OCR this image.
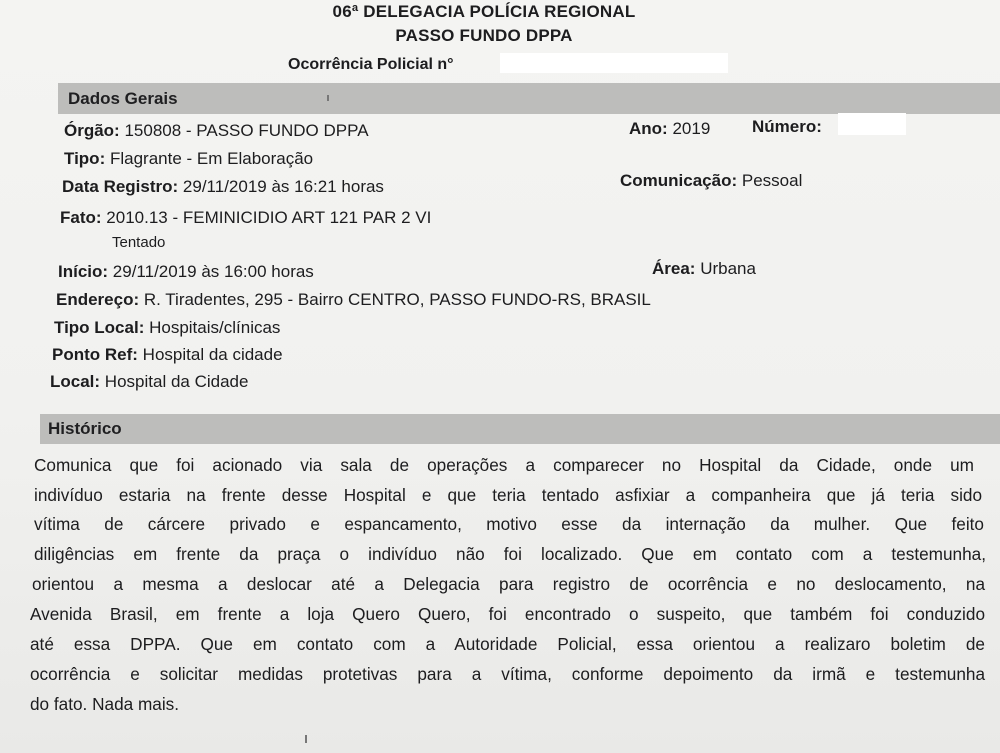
06ª DELEGACIA POLÍCIA REGIONAL
PASSO FUNDO DPPA
Ocorrência Policial n°
Dados Gerais
Órgão: 150808 - PASSO FUNDO DPPA	Ano: 2019 Número:
Tipo: Flagrante - Em Elaboração
Data Registro: 29/11/2019 às 16:21 horas	Comunicação: Pessoal
Fato: 2010.13 - FEMINICIDIO ART 121 PAR 2 VI
Tentado
Início: 29/11/2019 às 16:00 horas	Área: Urbana
Endereço: R. Tiradentes, 295 - Bairro CENTRO, PASSO FUNDO-RS, BRASIL
Tipo Local: Hospitais/clínicas
Ponto Ref: Hospital da cidade
Local: Hospital da Cidade
Histórico
Comunica que foi acionado via sala de operações a comparecer no Hospital da Cidade, onde um
indivíduo estaria na frente desse Hospital e que teria tentado asfixiar a companheira que já teria sido
vítima de cárcere privado e espancamento, motivo esse da internação da mulher. Que feito
diligências em frente da praça o indivíduo não foi localizado. Que em contato com a testemunha,
orientou a mesma a deslocar até a Delegacia para registro de ocorrência e no deslocamento, na
Avenida Brasil, em frente a loja Quero Quero, foi encontrado o suspeito, que também foi conduzido
até essa DPPA. Que em contato com a Autoridade Policial, essa orientou a realizaro boletim de
ocorrência e solicitar medidas protetivas para a vítima, conforme depoimento da irmã e testemunha
do fato. Nada mais.
